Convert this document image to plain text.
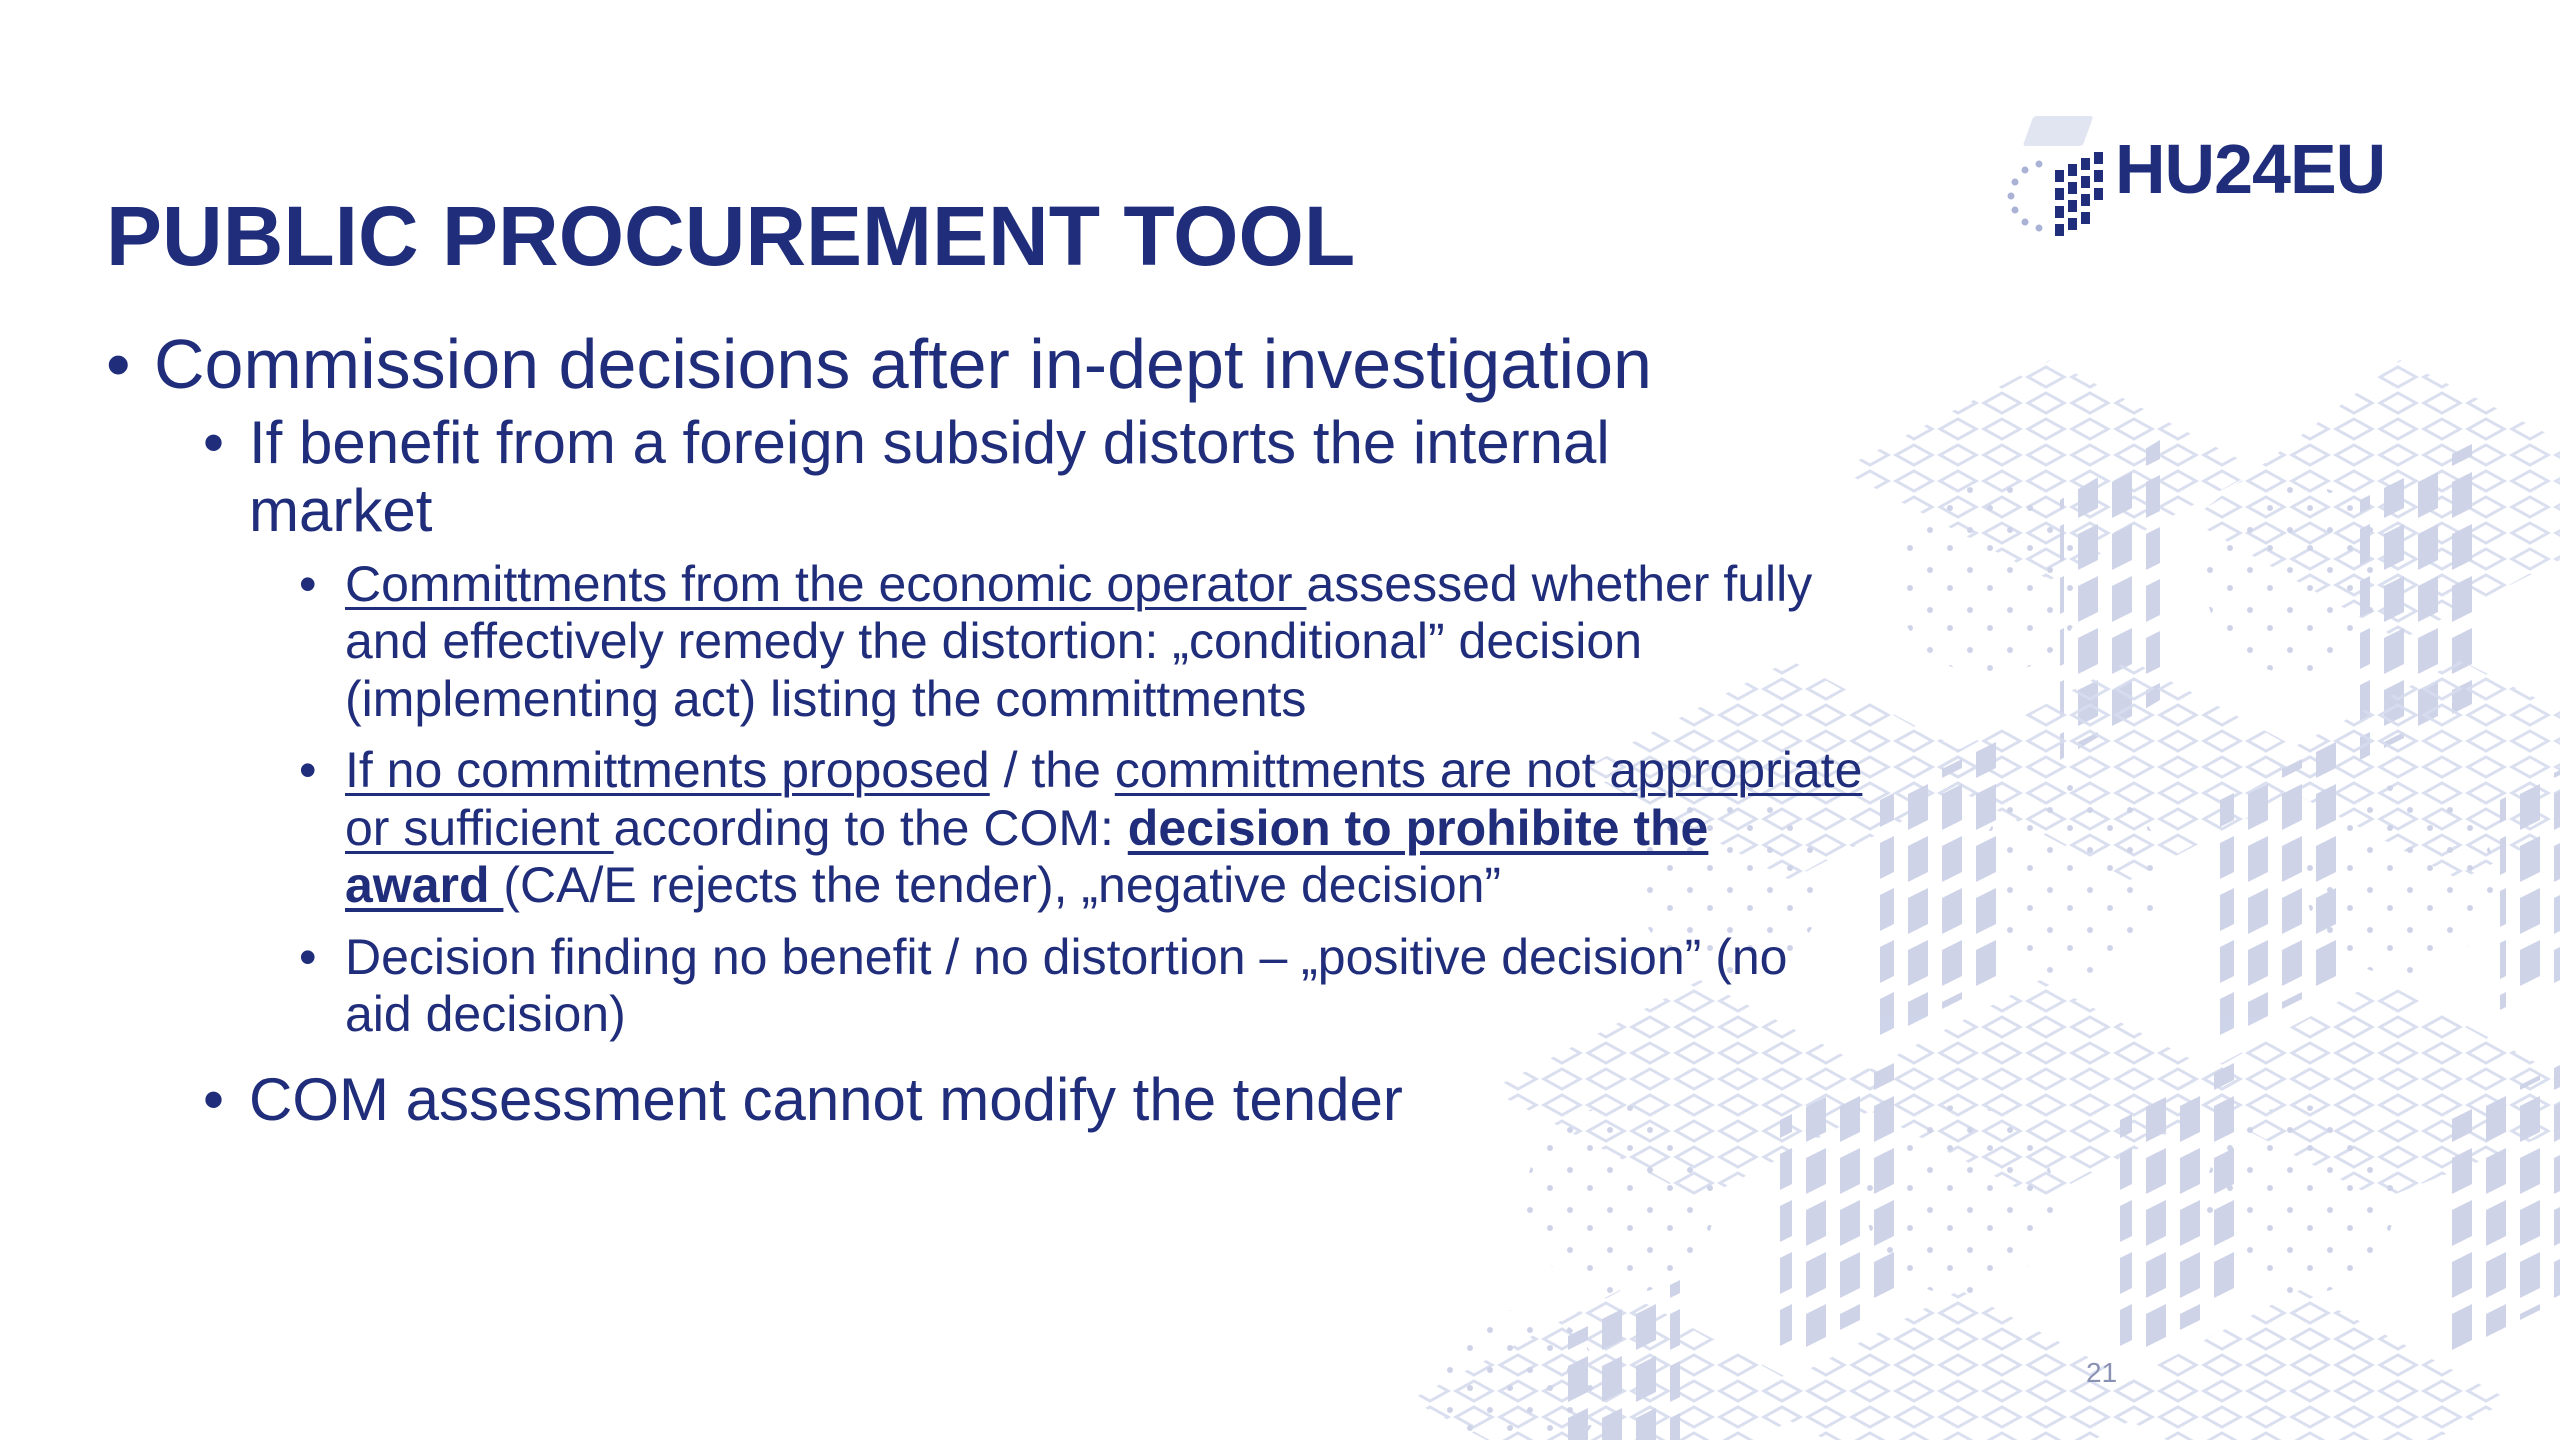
HU24EU
PUBLIC PROCUREMENT TOOL
• Commission decisions after in-dept investigation
• If benefit from a foreign subsidy distorts the internal market
• Committments from the economic operator assessed whether fully and effectively remedy the distortion: „conditional” decision (implementing act) listing the committments
• If no committments proposed / the committments are not appropriate or sufficient according to the COM: decision to prohibite the award (CA/E rejects the tender), „negative decision”
• Decision finding no benefit / no distortion – „positive decision” (no aid decision)
• COM assessment cannot modify the tender
21
